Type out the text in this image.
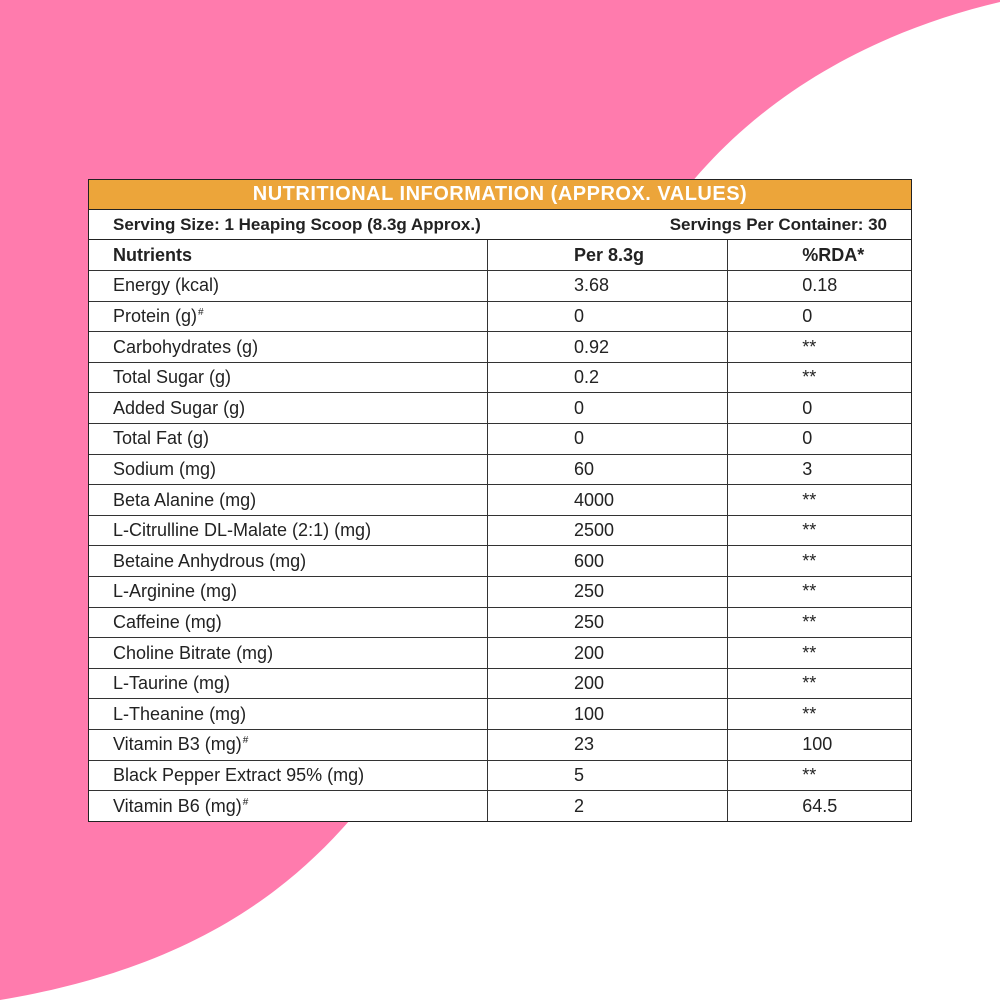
NUTRITIONAL INFORMATION (APPROX. VALUES)
Serving Size: 1 Heaping Scoop (8.3g Approx.)	Servings Per Container: 30
Nutrients	Per 8.3g	%RDA*
Energy (kcal)	3.68	0.18
Protein (g)#	0	0
Carbohydrates (g)	0.92	**
Total Sugar (g)	0.2	**
Added Sugar (g)	0	0
Total Fat (g)	0	0
Sodium (mg)	60	3
Beta Alanine (mg)	4000	**
L-Citrulline DL-Malate (2:1) (mg)	2500	**
Betaine Anhydrous (mg)	600	**
L-Arginine (mg)	250	**
Caffeine (mg)	250	**
Choline Bitrate (mg)	200	**
L-Taurine (mg)	200	**
L-Theanine (mg)	100	**
Vitamin B3 (mg)#	23	100
Black Pepper Extract 95% (mg)	5	**
Vitamin B6 (mg)#	2	64.5
